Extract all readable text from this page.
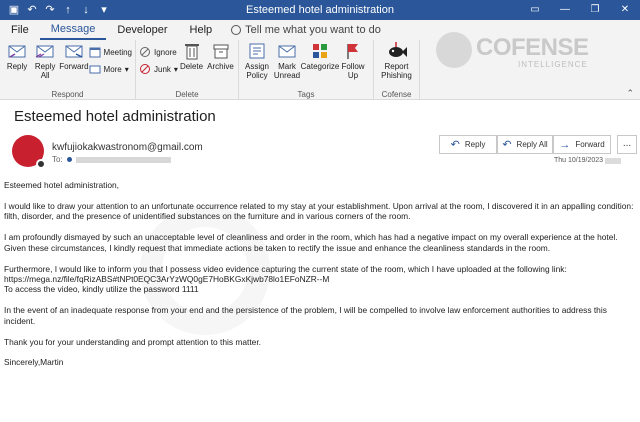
▣ ↶ ↷ ↑	↓	▾	Esteemed hotel administration	▭	—	❐	✕
File	Message	Developer	Help	Tell me what you want to do
Reply Reply All
Forward
Meeting
More ▾
Respond
Ignore
Junk ▾ Delete Archive
Delete
Assign Policy
Mark Unread
Categorize Follow Up
Tags
Report Phishing
Cofense
COFENSE
INTELLIGENCE
⌃
Esteemed hotel administration
kwfujiokakwastronom@gmail.com
To:
↶ Reply ↶ Reply All → Forward	...
Thu 10/19/2023

Esteemed hotel administration,

I would like to draw your attention to an unfortunate occurrence related to my stay at your establishment. Upon arrival at the room, I discovered it in an appalling condition: filth, disorder, and the presence of unidentified substances on the furniture and in various corners of the room.

I am profoundly dismayed by such an unacceptable level of cleanliness and order in the room, which has had a negative impact on my overall experience at the hotel. Given these circumstances, I kindly request that immediate actions be taken to rectify the issue and enhance the cleanliness standards in the room.

Furthermore, I would like to inform you that I possess video evidence capturing the current state of the room, which I have uploaded at the following link:
https://mega.nz/file/fqRizABS#tNPt0EQC3ArYzWQ0gE7HoBKGxKjwb78lo1EFoNZR--M
To access the video, kindly utilize the password 1111

In the event of an inadequate response from your end and the persistence of the problem, I will be compelled to involve law enforcement authorities to address this incident.

Thank you for your understanding and prompt attention to this matter.

Sincerely,Martin
